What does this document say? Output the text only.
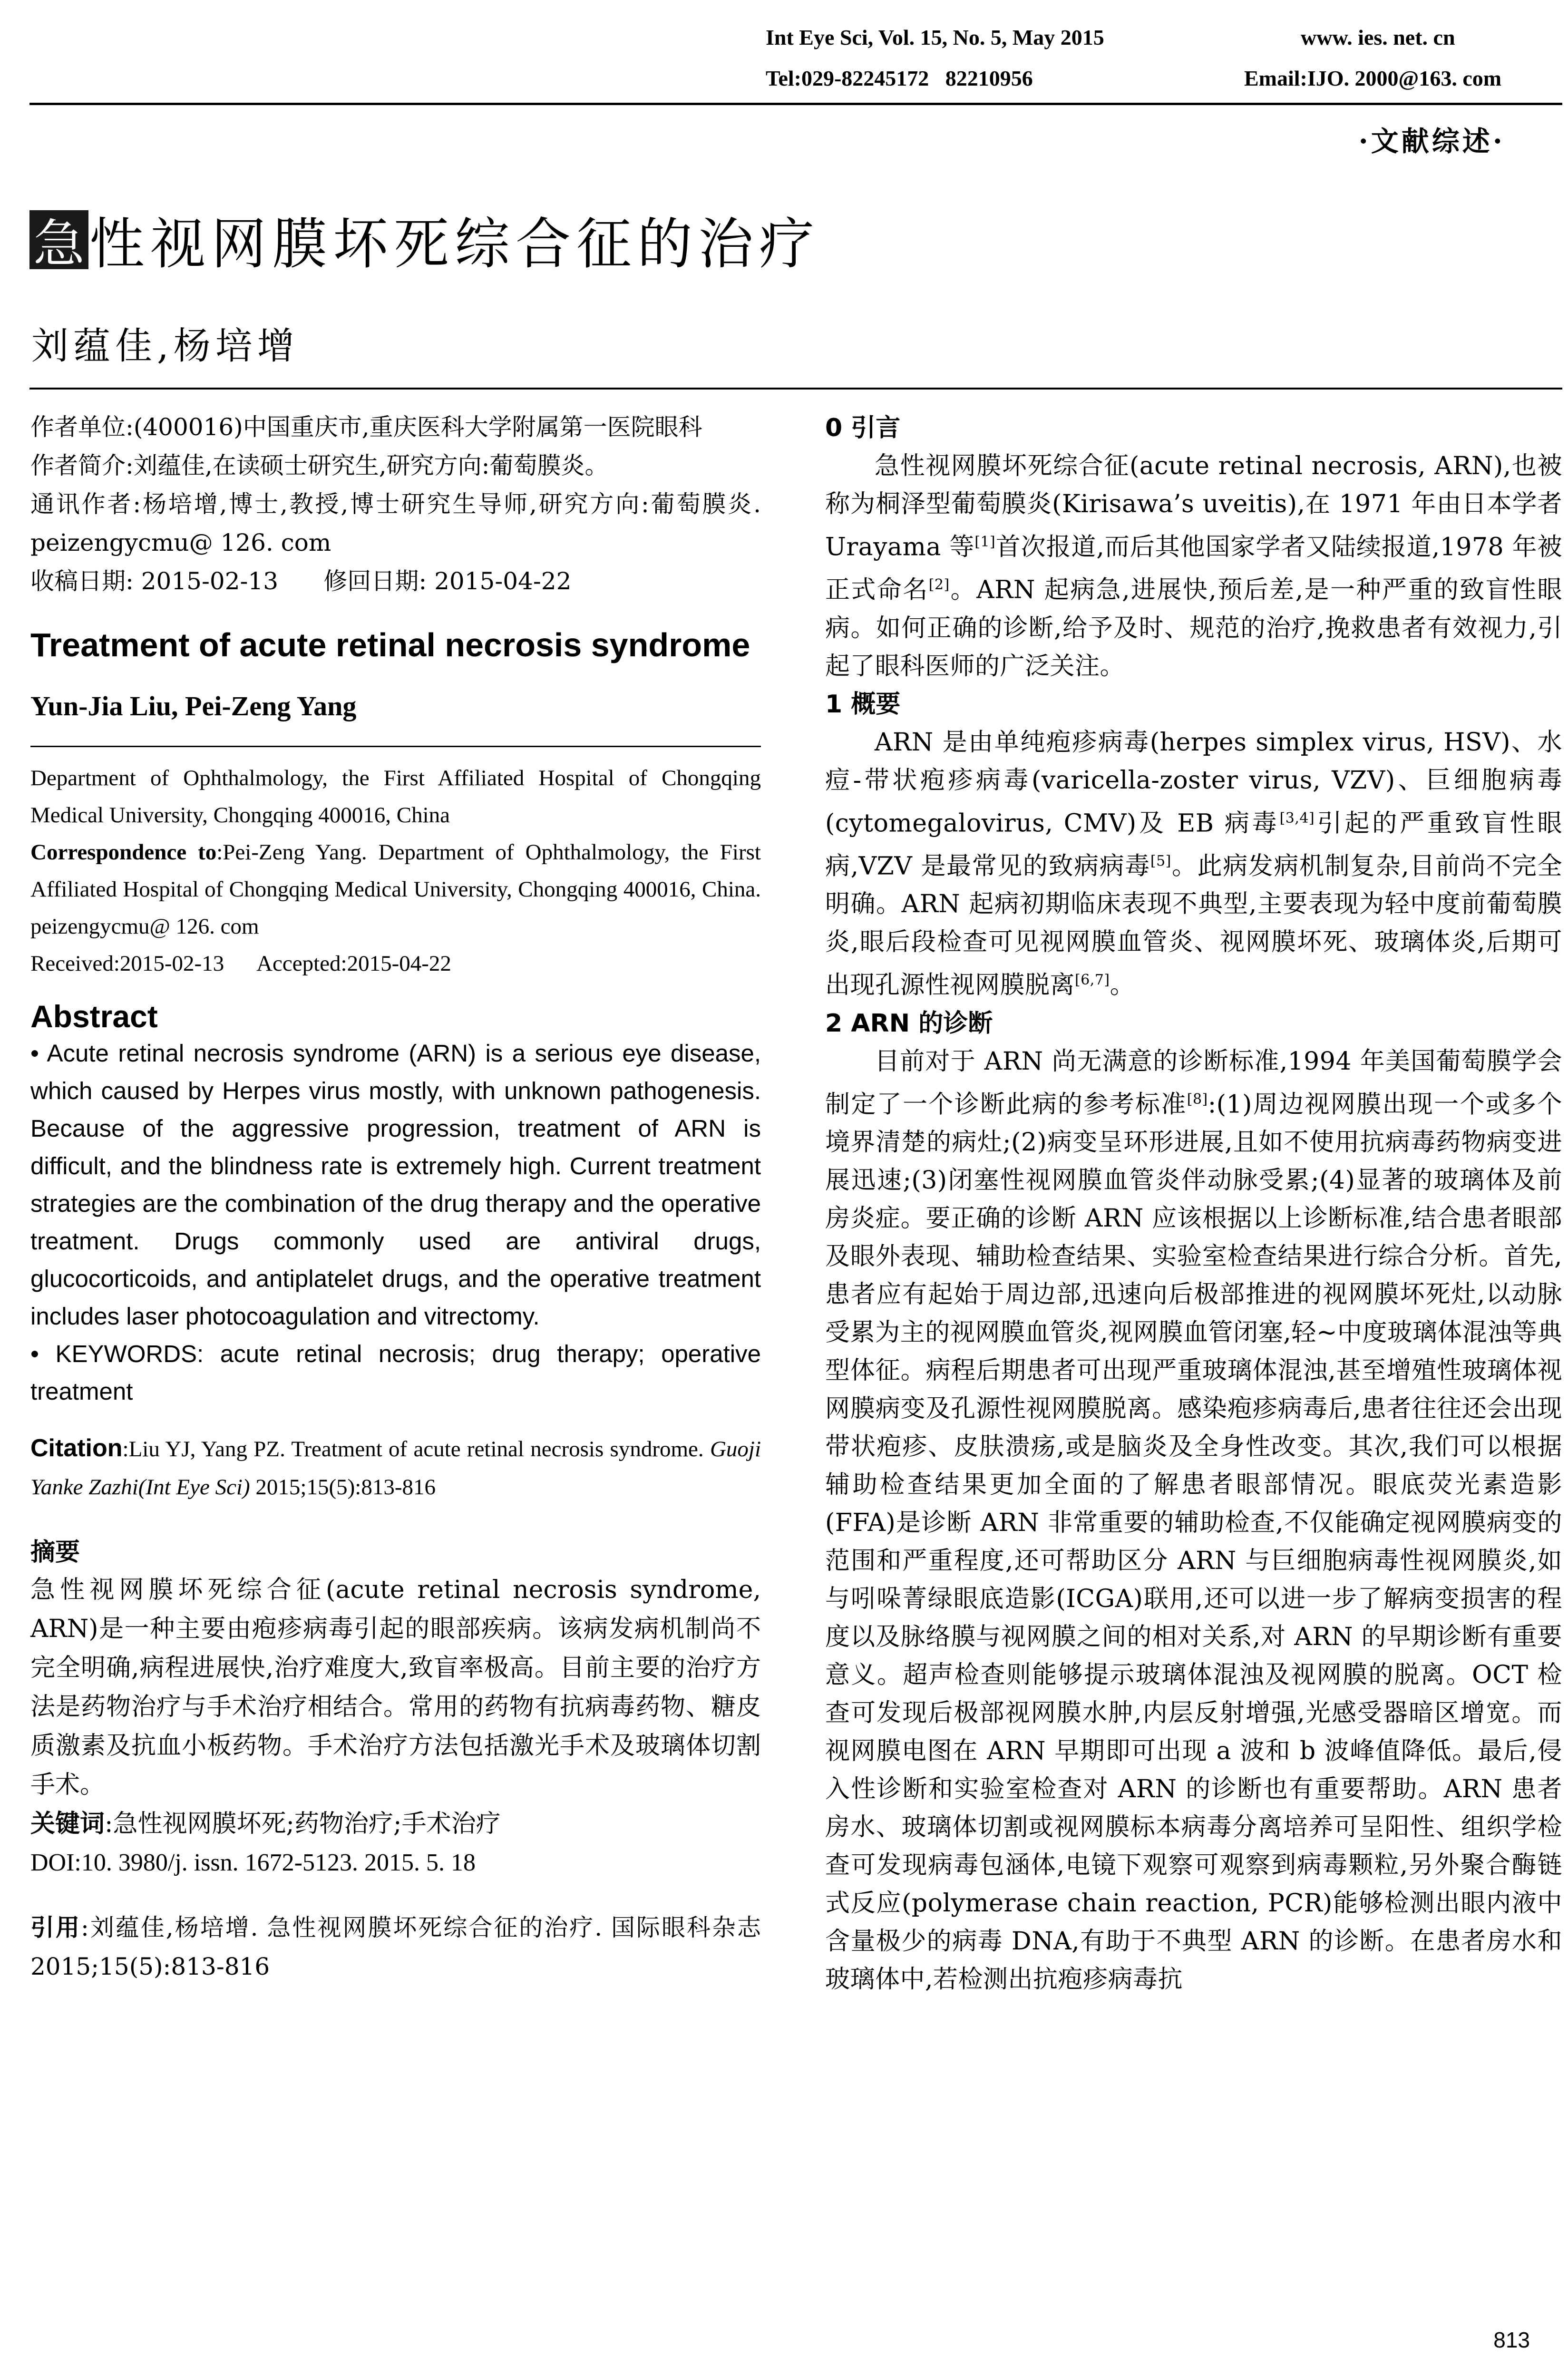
Int Eye Sci, Vol. 15, No. 5, May 2015	www. ies. net. cn
Tel:029-82245172   82210956	Email:IJO. 2000@163. com
·文献综述·
急 性视网膜坏死综合征的治疗
刘蕴佳,杨培增

作者单位:(400016)中国重庆市,重庆医科大学附属第一医院眼科

作者简介:刘蕴佳,在读硕士研究生,研究方向:葡萄膜炎。

通讯作者:杨培增,博士,教授,博士研究生导师,研究方向:葡萄膜炎. peizengycmu@ 126. com

收稿日期: 2015-02-13      修回日期: 2015-04-22

Treatment of acute retinal necrosis syndrome

Yun-Jia Liu, Pei-Zeng Yang

Department of Ophthalmology, the First Affiliated Hospital of Chongqing Medical University, Chongqing 400016, China

Correspondence to:Pei-Zeng Yang. Department of Ophthalmology, the First Affiliated Hospital of Chongqing Medical University, Chongqing 400016, China. peizengycmu@ 126. com

Received:2015-02-13      Accepted:2015-04-22

Abstract

• Acute retinal necrosis syndrome (ARN) is a serious eye disease, which caused by Herpes virus mostly, with unknown pathogenesis. Because of the aggressive progression, treatment of ARN is difficult, and the blindness rate is extremely high. Current treatment strategies are the combination of the drug therapy and the operative treatment. Drugs commonly used are antiviral drugs, glucocorticoids, and antiplatelet drugs, and the operative treatment includes laser photocoagulation and vitrectomy.

• KEYWORDS: acute retinal necrosis; drug therapy; operative treatment

Citation:Liu YJ, Yang PZ. Treatment of acute retinal necrosis syndrome. Guoji Yanke Zazhi(Int Eye Sci) 2015;15(5):813-816

摘要

急性视网膜坏死综合征(acute retinal necrosis syndrome, ARN)是一种主要由疱疹病毒引起的眼部疾病。该病发病机制尚不完全明确,病程进展快,治疗难度大,致盲率极高。目前主要的治疗方法是药物治疗与手术治疗相结合。常用的药物有抗病毒药物、糖皮质激素及抗血小板药物。手术治疗方法包括激光手术及玻璃体切割手术。

关键词:急性视网膜坏死;药物治疗;手术治疗

DOI:10. 3980/j. issn. 1672-5123. 2015. 5. 18

引用:刘蕴佳,杨培增. 急性视网膜坏死综合征的治疗. 国际眼科杂志 2015;15(5):813-816

0 引言

急性视网膜坏死综合征(acute retinal necrosis, ARN),也被称为桐泽型葡萄膜炎(Kirisawa’s uveitis),在 1971 年由日本学者 Urayama 等[1]首次报道,而后其他国家学者又陆续报道,1978 年被正式命名[2]。ARN 起病急,进展快,预后差,是一种严重的致盲性眼病。如何正确的诊断,给予及时、规范的治疗,挽救患者有效视力,引起了眼科医师的广泛关注。

1 概要

ARN 是由单纯疱疹病毒(herpes simplex virus, HSV)、水痘-带状疱疹病毒(varicella-zoster virus, VZV)、巨细胞病毒(cytomegalovirus, CMV)及 EB 病毒[3,4]引起的严重致盲性眼病,VZV 是最常见的致病病毒[5]。此病发病机制复杂,目前尚不完全明确。ARN 起病初期临床表现不典型,主要表现为轻中度前葡萄膜炎,眼后段检查可见视网膜血管炎、视网膜坏死、玻璃体炎,后期可出现孔源性视网膜脱离[6,7]。

2 ARN 的诊断

目前对于 ARN 尚无满意的诊断标准,1994 年美国葡萄膜学会制定了一个诊断此病的参考标准[8]:(1)周边视网膜出现一个或多个境界清楚的病灶;(2)病变呈环形进展,且如不使用抗病毒药物病变进展迅速;(3)闭塞性视网膜血管炎伴动脉受累;(4)显著的玻璃体及前房炎症。要正确的诊断 ARN 应该根据以上诊断标准,结合患者眼部及眼外表现、辅助检查结果、实验室检查结果进行综合分析。首先,患者应有起始于周边部,迅速向后极部推进的视网膜坏死灶,以动脉受累为主的视网膜血管炎,视网膜血管闭塞,轻~中度玻璃体混浊等典型体征。病程后期患者可出现严重玻璃体混浊,甚至增殖性玻璃体视网膜病变及孔源性视网膜脱离。感染疱疹病毒后,患者往往还会出现带状疱疹、皮肤溃疡,或是脑炎及全身性改变。其次,我们可以根据辅助检查结果更加全面的了解患者眼部情况。眼底荧光素造影(FFA)是诊断 ARN 非常重要的辅助检查,不仅能确定视网膜病变的范围和严重程度,还可帮助区分 ARN 与巨细胞病毒性视网膜炎,如与吲哚菁绿眼底造影(ICGA)联用,还可以进一步了解病变损害的程度以及脉络膜与视网膜之间的相对关系,对 ARN 的早期诊断有重要意义。超声检查则能够提示玻璃体混浊及视网膜的脱离。OCT 检查可发现后极部视网膜水肿,内层反射增强,光感受器暗区增宽。而视网膜电图在 ARN 早期即可出现 a 波和 b 波峰值降低。最后,侵入性诊断和实验室检查对 ARN 的诊断也有重要帮助。ARN 患者房水、玻璃体切割或视网膜标本病毒分离培养可呈阳性、组织学检查可发现病毒包涵体,电镜下观察可观察到病毒颗粒,另外聚合酶链式反应(polymerase chain reaction, PCR)能够检测出眼内液中含量极少的病毒 DNA,有助于不典型 ARN 的诊断。在患者房水和玻璃体中,若检测出抗疱疹病毒抗

813
